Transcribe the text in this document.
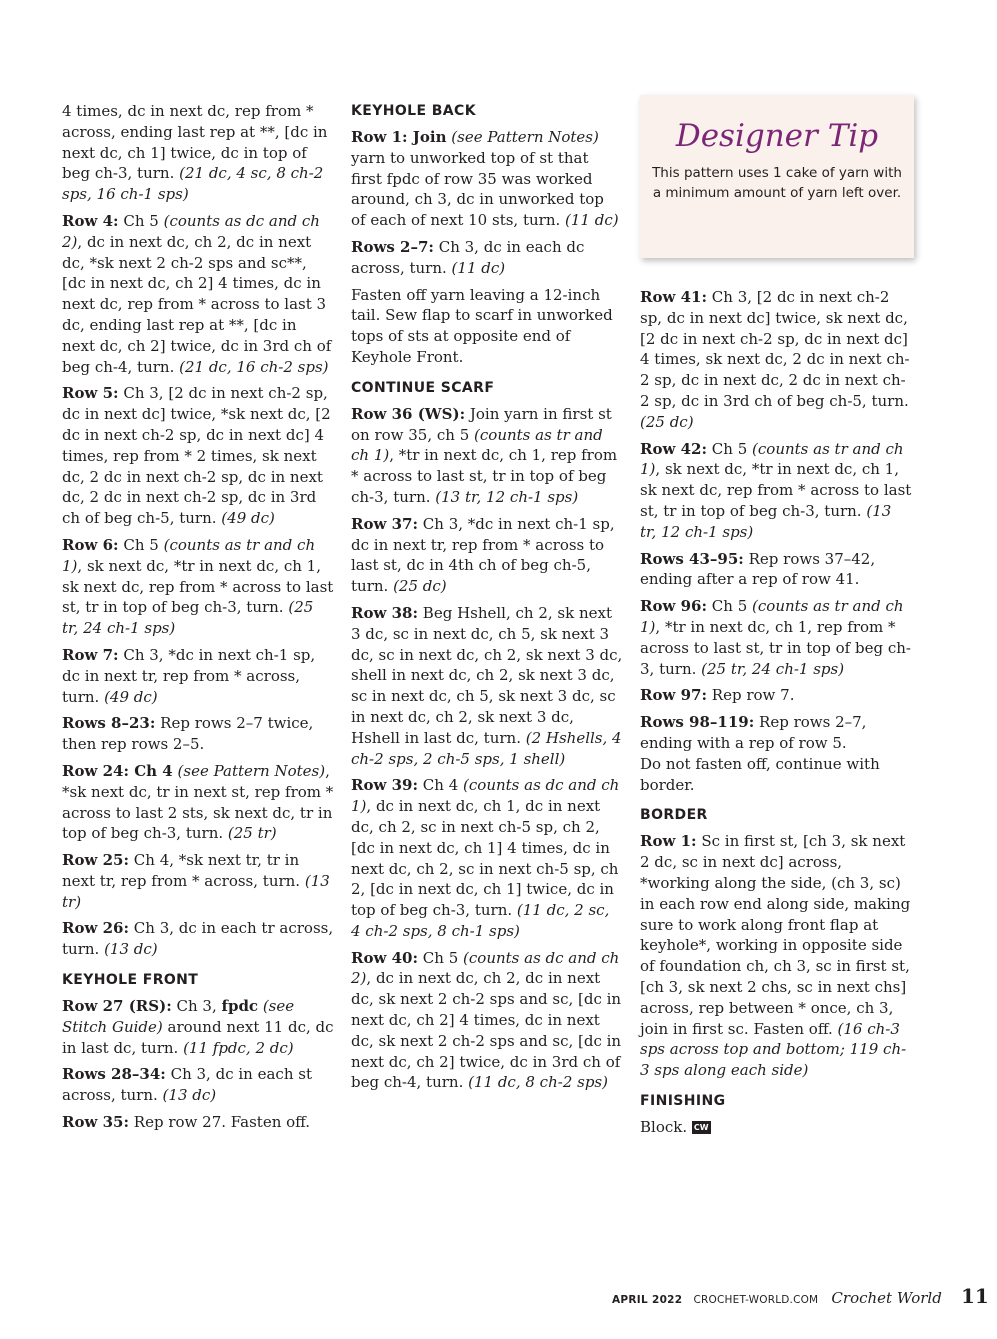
4 times, dc in next dc, rep from * across, ending last rep at **, [dc in next dc, ch 1] twice, dc in top of beg ch-3, turn. (21 dc, 4 sc, 8 ch-2 sps, 16 ch-1 sps)

Row 4: Ch 5 (counts as dc and ch 2), dc in next dc, ch 2, dc in next dc, *sk next 2 ch-2 sps and sc**, [dc in next dc, ch 2] 4 times, dc in next dc, rep from * across to last 3 dc, ending last rep at **, [dc in next dc, ch 2] twice, dc in 3rd ch of beg ch-4, turn. (21 dc, 16 ch-2 sps)

Row 5: Ch 3, [2 dc in next ch-2 sp, dc in next dc] twice, *sk next dc, [2 dc in next ch-2 sp, dc in next dc] 4 times, rep from * 2 times, sk next dc, 2 dc in next ch-2 sp, dc in next dc, 2 dc in next ch-2 sp, dc in 3rd ch of beg ch-5, turn. (49 dc)

Row 6: Ch 5 (counts as tr and ch 1), sk next dc, *tr in next dc, ch 1, sk next dc, rep from * across to last st, tr in top of beg ch-3, turn. (25 tr, 24 ch-1 sps)

Row 7: Ch 3, *dc in next ch-1 sp, dc in next tr, rep from * across, turn. (49 dc)

Rows 8–23: Rep rows 2–7 twice, then rep rows 2–5.

Row 24: Ch 4 (see Pattern Notes), *sk next dc, tr in next st, rep from * across to last 2 sts, sk next dc, tr in top of beg ch-3, turn. (25 tr)

Row 25: Ch 4, *sk next tr, tr in next tr, rep from * across, turn. (13 tr)

Row 26: Ch 3, dc in each tr across, turn. (13 dc)

KEYHOLE FRONT

Row 27 (RS): Ch 3, fpdc (see Stitch Guide) around next 11 dc, dc in last dc, turn. (11 fpdc, 2 dc)

Rows 28–34: Ch 3, dc in each st across, turn. (13 dc)

Row 35: Rep row 27. Fasten off.

KEYHOLE BACK

Row 1: Join (see Pattern Notes) yarn to unworked top of st that first fpdc of row 35 was worked around, ch 3, dc in unworked top of each of next 10 sts, turn. (11 dc)

Rows 2–7: Ch 3, dc in each dc across, turn. (11 dc)

Fasten off yarn leaving a 12-inch tail. Sew flap to scarf in unworked tops of sts at opposite end of Keyhole Front.

CONTINUE SCARF

Row 36 (WS): Join yarn in first st on row 35, ch 5 (counts as tr and ch 1), *tr in next dc, ch 1, rep from * across to last st, tr in top of beg ch-3, turn. (13 tr, 12 ch-1 sps)

Row 37: Ch 3, *dc in next ch-1 sp, dc in next tr, rep from * across to last st, dc in 4th ch of beg ch-5, turn. (25 dc)

Row 38: Beg Hshell, ch 2, sk next 3 dc, sc in next dc, ch 5, sk next 3 dc, sc in next dc, ch 2, sk next 3 dc, shell in next dc, ch 2, sk next 3 dc, sc in next dc, ch 5, sk next 3 dc, sc in next dc, ch 2, sk next 3 dc, Hshell in last dc, turn. (2 Hshells, 4 ch-2 sps, 2 ch-5 sps, 1 shell)

Row 39: Ch 4 (counts as dc and ch 1), dc in next dc, ch 1, dc in next dc, ch 2, sc in next ch-5 sp, ch 2, [dc in next dc, ch 1] 4 times, dc in next dc, ch 2, sc in next ch-5 sp, ch 2, [dc in next dc, ch 1] twice, dc in top of beg ch-3, turn. (11 dc, 2 sc, 4 ch-2 sps, 8 ch-1 sps)

Row 40: Ch 5 (counts as dc and ch 2), dc in next dc, ch 2, dc in next dc, sk next 2 ch-2 sps and sc, [dc in next dc, ch 2] 4 times, dc in next dc, sk next 2 ch-2 sps and sc, [dc in next dc, ch 2] twice, dc in 3rd ch of beg ch-4, turn. (11 dc, 8 ch-2 sps)

Designer Tip
This pattern uses 1 cake of yarn with a minimum amount of yarn left over.

Row 41: Ch 3, [2 dc in next ch-2 sp, dc in next dc] twice, sk next dc, [2 dc in next ch-2 sp, dc in next dc] 4 times, sk next dc, 2 dc in next ch-2 sp, dc in next dc, 2 dc in next ch-2 sp, dc in 3rd ch of beg ch-5, turn. (25 dc)

Row 42: Ch 5 (counts as tr and ch 1), sk next dc, *tr in next dc, ch 1, sk next dc, rep from * across to last st, tr in top of beg ch-3, turn. (13 tr, 12 ch-1 sps)

Rows 43–95: Rep rows 37–42, ending after a rep of row 41.

Row 96: Ch 5 (counts as tr and ch 1), *tr in next dc, ch 1, rep from * across to last st, tr in top of beg ch-3, turn. (25 tr, 24 ch-1 sps)

Row 97: Rep row 7.

Rows 98–119: Rep rows 2–7, ending with a rep of row 5.
Do not fasten off, continue with border.

BORDER

Row 1: Sc in first st, [ch 3, sk next 2 dc, sc in next dc] across, *working along the side, (ch 3, sc) in each row end along side, making sure to work along front flap at keyhole*, working in opposite side of foundation ch, ch 3, sc in first st, [ch 3, sk next 2 chs, sc in next chs] across, rep between * once, ch 3, join in first sc. Fasten off. (16 ch-3 sps across top and bottom; 119 ch-3 sps along each side)

FINISHING

Block. CW

APRIL 2022 CROCHET-WORLD.COM Crochet World 11
